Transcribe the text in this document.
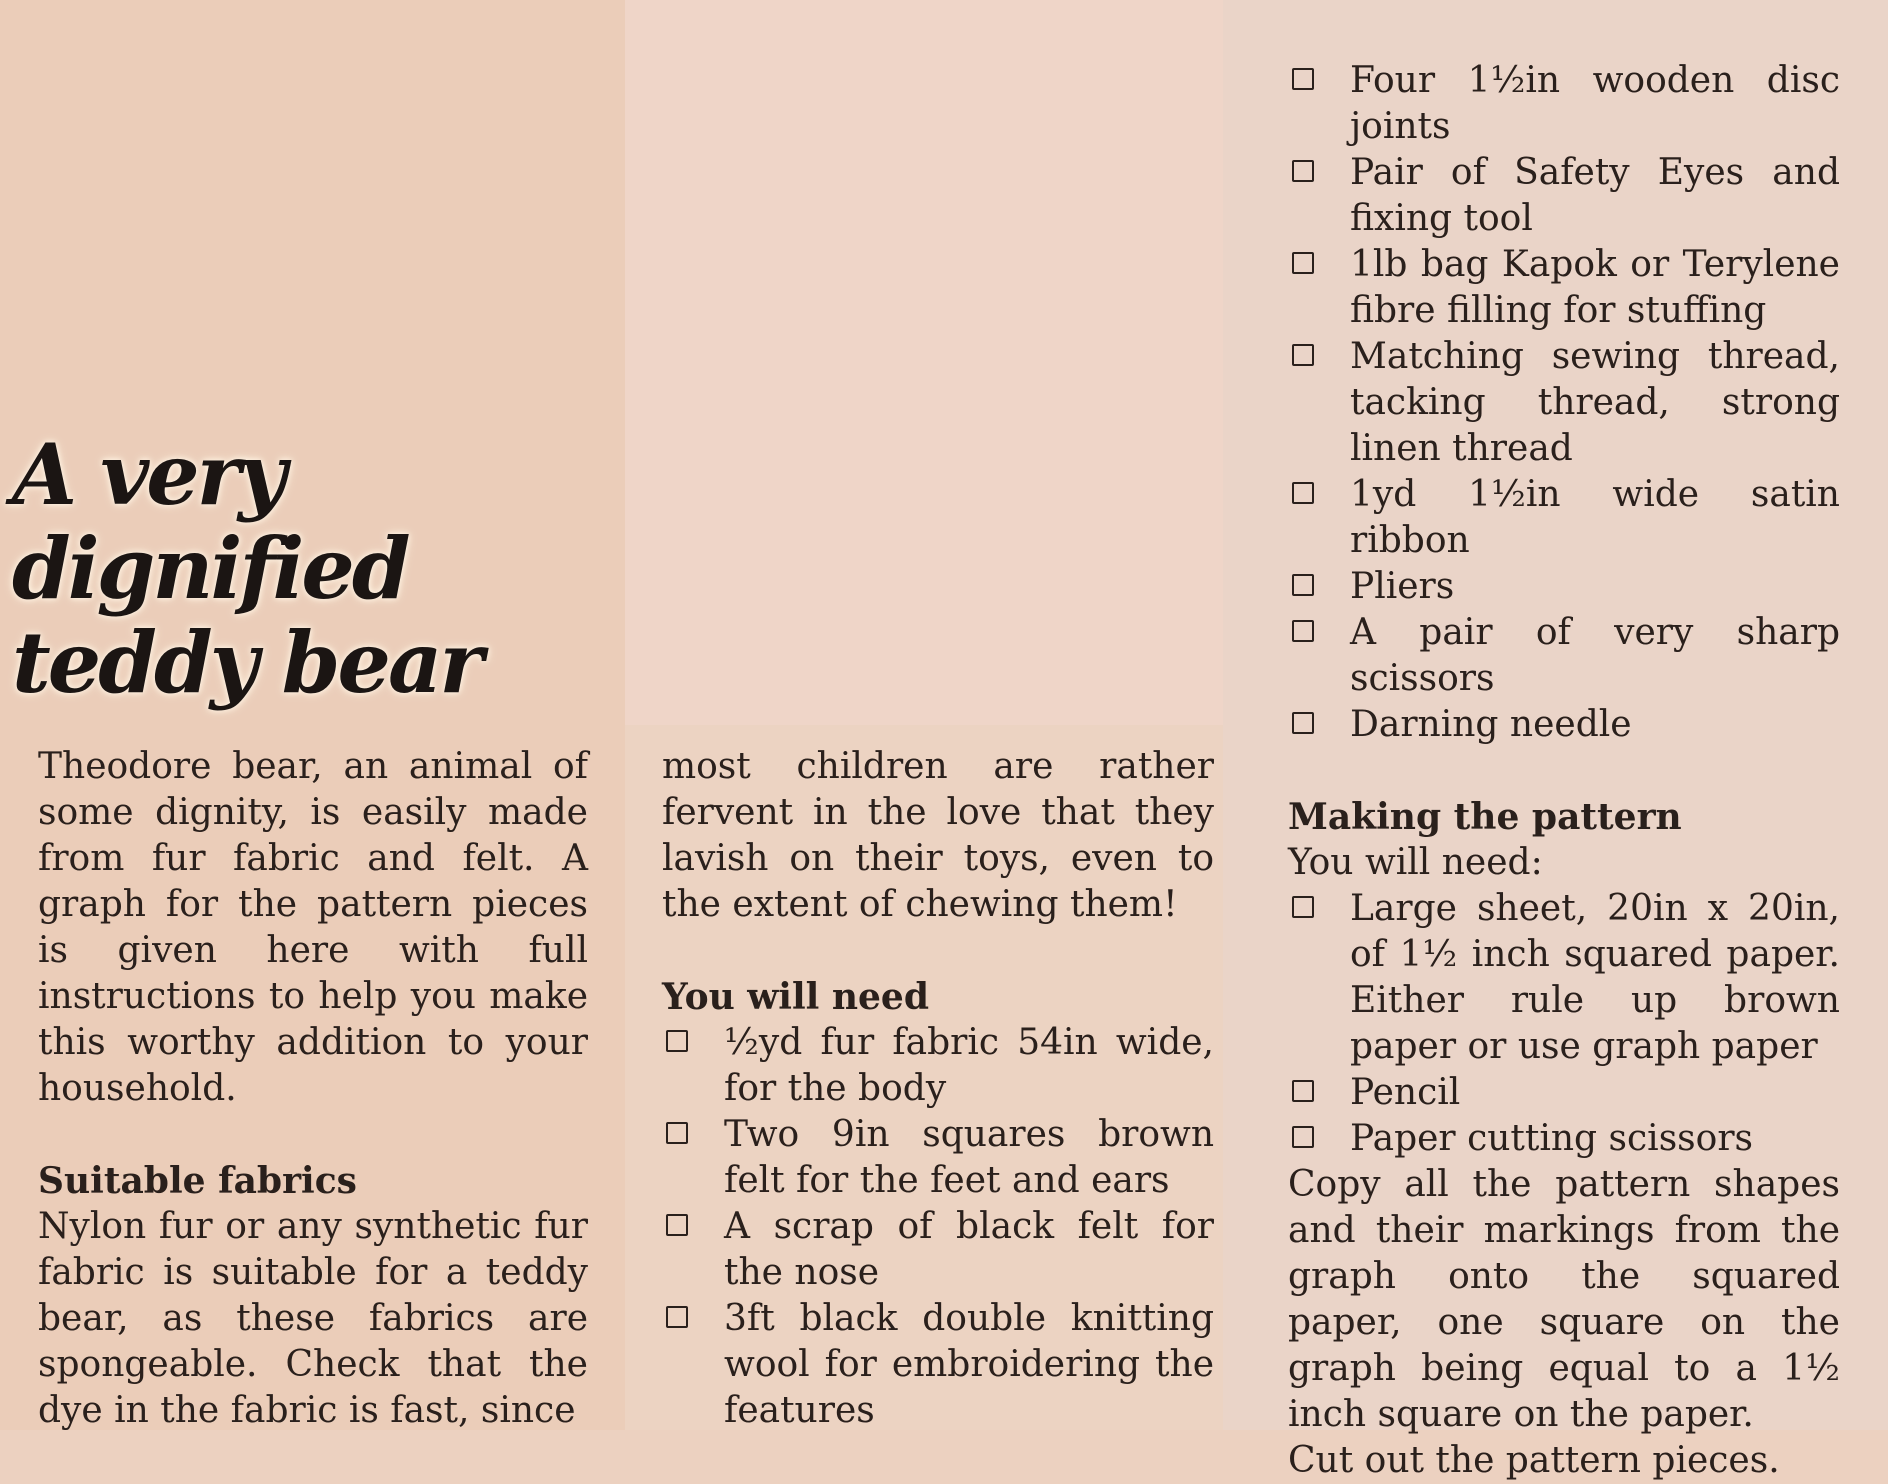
A very
dignified
teddy bear

Theodore bear, an animal of some dignity, is easily made from fur fabric and felt. A graph for the pattern pieces is given here with full instructions to help you make this worthy addition to your household.

Suitable fabrics

Nylon fur or any synthetic fur fabric is suitable for a teddy bear, as these fabrics are spongeable. Check that the dye in the fabric is fast, since

most children are rather fervent in the love that they lavish on their toys, even to the extent of chewing them!

You will need

½yd fur fabric 54in wide, for the body
Two 9in squares brown felt for the feet and ears
A scrap of black felt for the nose
3ft black double knitting wool for embroidering the features
Four 1½in wooden disc joints
Pair of Safety Eyes and fixing tool
1lb bag Kapok or Terylene fibre filling for stuffing
Matching sewing thread, tacking thread, strong linen thread
1yd 1½in wide satin ribbon
Pliers
A pair of very sharp scissors
Darning needle

Making the pattern

You will need:

Large sheet, 20in x 20in, of 1½ inch squared paper. Either rule up brown paper or use graph paper
Pencil
Paper cutting scissors

Copy all the pattern shapes and their markings from the graph onto the squared paper, one square on the graph being equal to a 1½ inch square on the paper.

Cut out the pattern pieces.
